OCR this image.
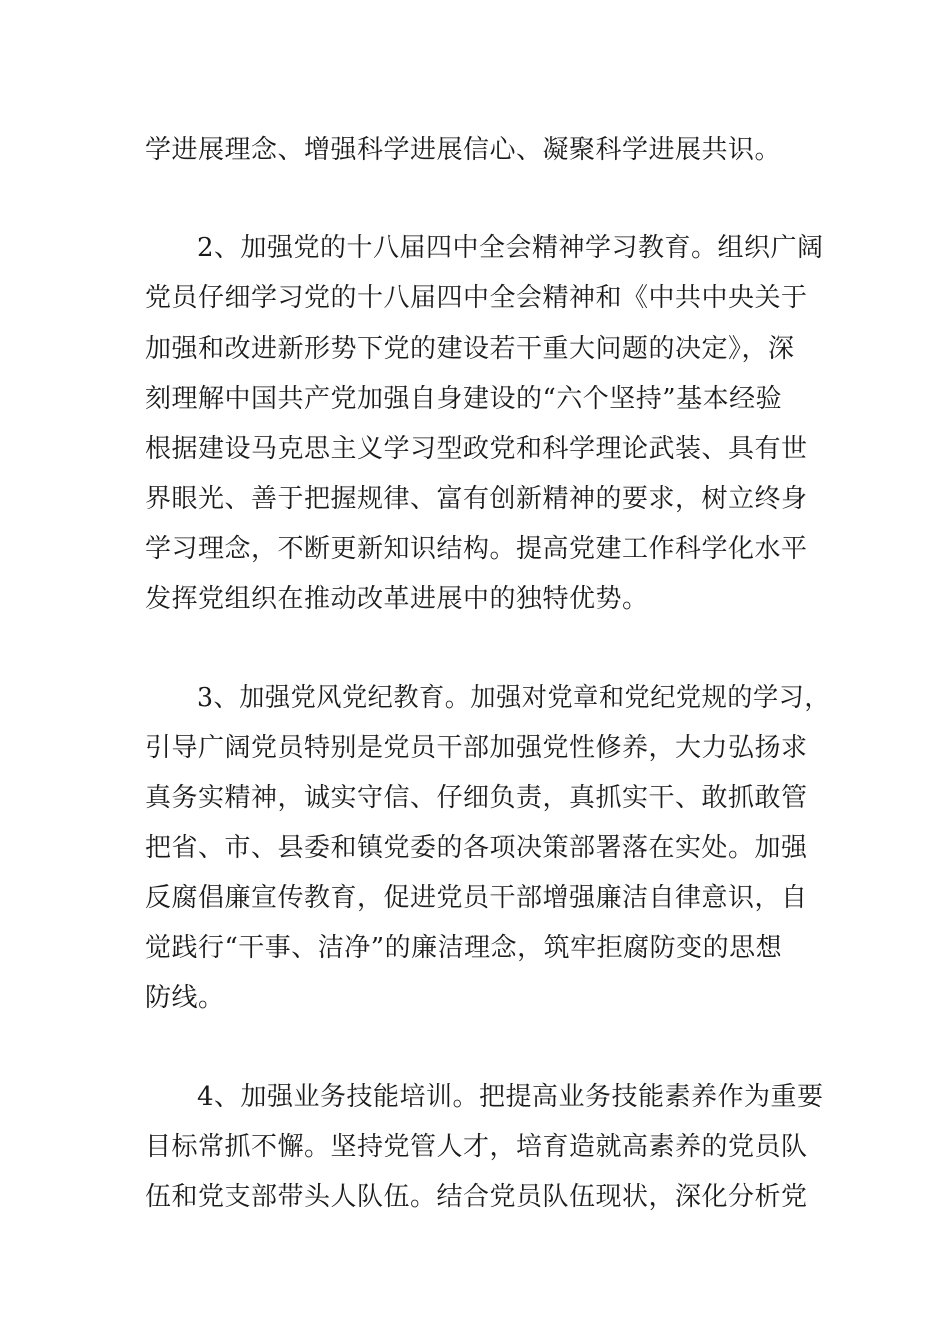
学进展理念、增强科学进展信心、凝聚科学进展共识。
2、加强党的十八届四中全会精神学习教育。组织广阔
党员仔细学习党的十八届四中全会精神和《中共中央关于
加强和改进新形势下党的建设若干重大问题的决定》，深
刻理解中国共产党加强自身建设的“六个坚持”基本经验
根据建设马克思主义学习型政党和科学理论武装、具有世
界眼光、善于把握规律、富有创新精神的要求，树立终身
学习理念，不断更新知识结构。提高党建工作科学化水平
发挥党组织在推动改革进展中的独特优势。
3、加强党风党纪教育。加强对党章和党纪党规的学习，
引导广阔党员特别是党员干部加强党性修养，大力弘扬求
真务实精神，诚实守信、仔细负责，真抓实干、敢抓敢管
把省、市、县委和镇党委的各项决策部署落在实处。加强
反腐倡廉宣传教育，促进党员干部增强廉洁自律意识，自
觉践行“干事、洁净”的廉洁理念，筑牢拒腐防变的思想
防线。
4、加强业务技能培训。把提高业务技能素养作为重要
目标常抓不懈。坚持党管人才，培育造就高素养的党员队
伍和党支部带头人队伍。结合党员队伍现状，深化分析党
